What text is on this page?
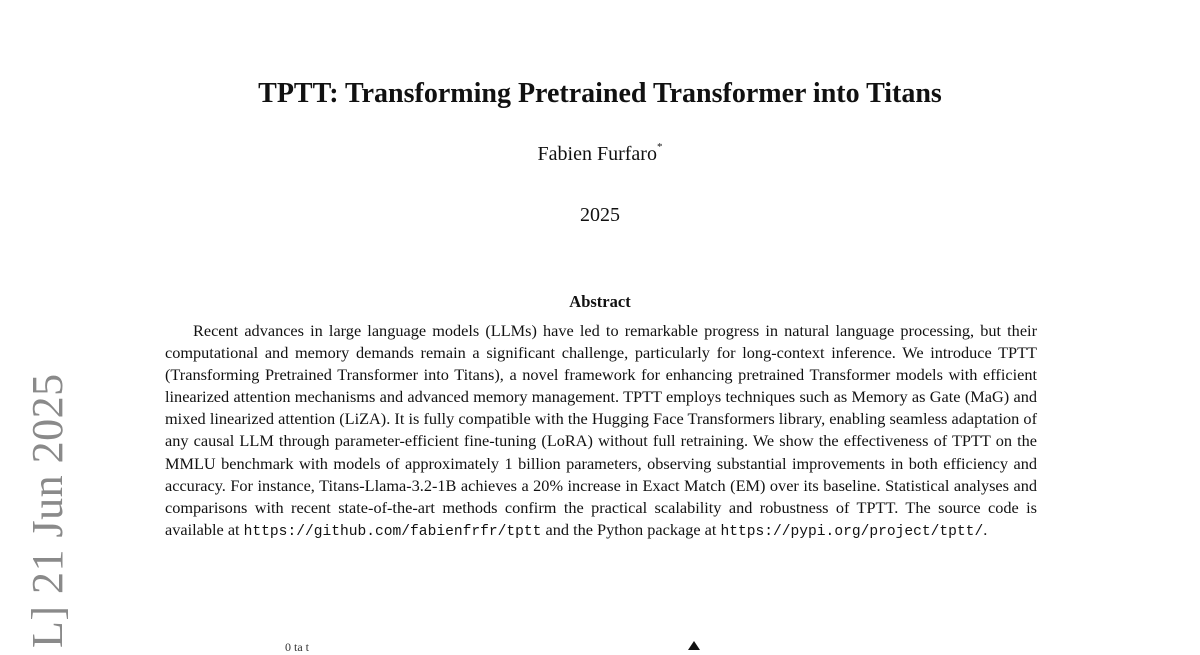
L] 21 Jun 2025
TPTT: Transforming Pretrained Transformer into Titans
Fabien Furfaro*
2025
Abstract

Recent advances in large language models (LLMs) have led to remarkable progress in natural language processing, but their computational and memory demands remain a significant challenge, particularly for long-context inference. We introduce TPTT (Transforming Pretrained Transformer into Titans), a novel framework for enhancing pretrained Transformer models with efficient linearized attention mechanisms and advanced memory management. TPTT employs techniques such as Memory as Gate (MaG) and mixed linearized attention (LiZA). It is fully compatible with the Hugging Face Transformers library, enabling seamless adaptation of any causal LLM through parameter-efficient fine-tuning (LoRA) without full retraining. We show the effectiveness of TPTT on the MMLU benchmark with models of approximately 1 billion parameters, observing substantial improvements in both efficiency and accuracy. For instance, Titans-Llama-3.2-1B achieves a 20% increase in Exact Match (EM) over its baseline. Statistical analyses and comparisons with recent state-of-the-art methods confirm the practical scalability and robustness of TPTT. The source code is available at https://github.com/fabienfrfr/tptt and the Python package at https://pypi.org/project/tptt/.

0 ta t
